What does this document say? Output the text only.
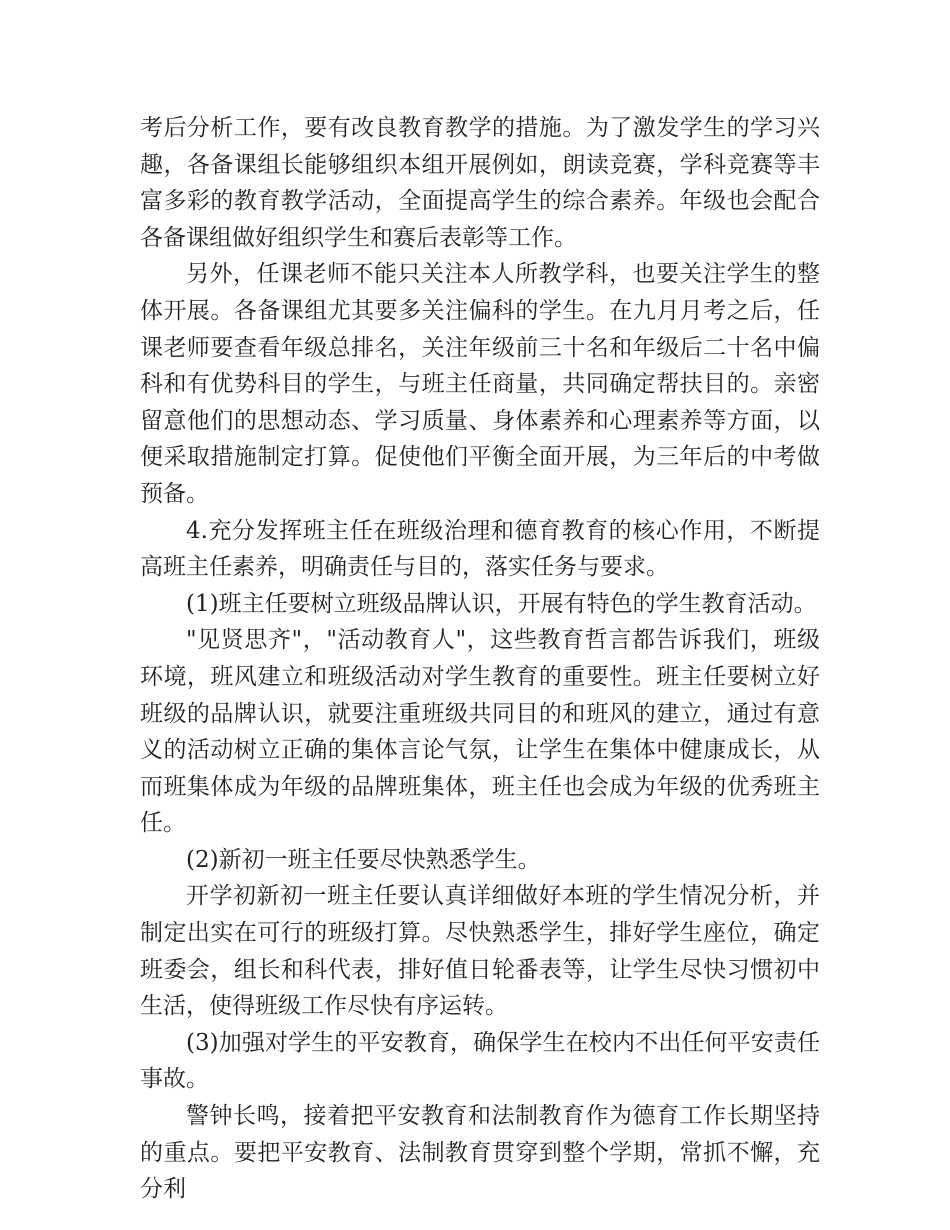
考后分析工作，要有改良教育教学的措施。为了激发学生的学习兴趣，各备课组长能够组织本组开展例如，朗读竞赛，学科竞赛等丰富多彩的教育教学活动，全面提高学生的综合素养。年级也会配合各备课组做好组织学生和赛后表彰等工作。

另外，任课老师不能只关注本人所教学科，也要关注学生的整体开展。各备课组尤其要多关注偏科的学生。在九月月考之后，任课老师要查看年级总排名，关注年级前三十名和年级后二十名中偏科和有优势科目的学生，与班主任商量，共同确定帮扶目的。亲密留意他们的思想动态、学习质量、身体素养和心理素养等方面，以便采取措施制定打算。促使他们平衡全面开展，为三年后的中考做预备。

4.充分发挥班主任在班级治理和德育教育的核心作用，不断提高班主任素养，明确责任与目的，落实任务与要求。

(1)班主任要树立班级品牌认识，开展有特色的学生教育活动。

"见贤思齐"，"活动教育人"，这些教育哲言都告诉我们，班级环境，班风建立和班级活动对学生教育的重要性。班主任要树立好班级的品牌认识，就要注重班级共同目的和班风的建立，通过有意义的活动树立正确的集体言论气氛，让学生在集体中健康成长，从而班集体成为年级的品牌班集体，班主任也会成为年级的优秀班主任。

(2)新初一班主任要尽快熟悉学生。

开学初新初一班主任要认真详细做好本班的学生情况分析，并制定出实在可行的班级打算。尽快熟悉学生，排好学生座位，确定班委会，组长和科代表，排好值日轮番表等，让学生尽快习惯初中生活，使得班级工作尽快有序运转。

(3)加强对学生的平安教育，确保学生在校内不出任何平安责任事故。

警钟长鸣，接着把平安教育和法制教育作为德育工作长期坚持的重点。要把平安教育、法制教育贯穿到整个学期，常抓不懈，充分利
